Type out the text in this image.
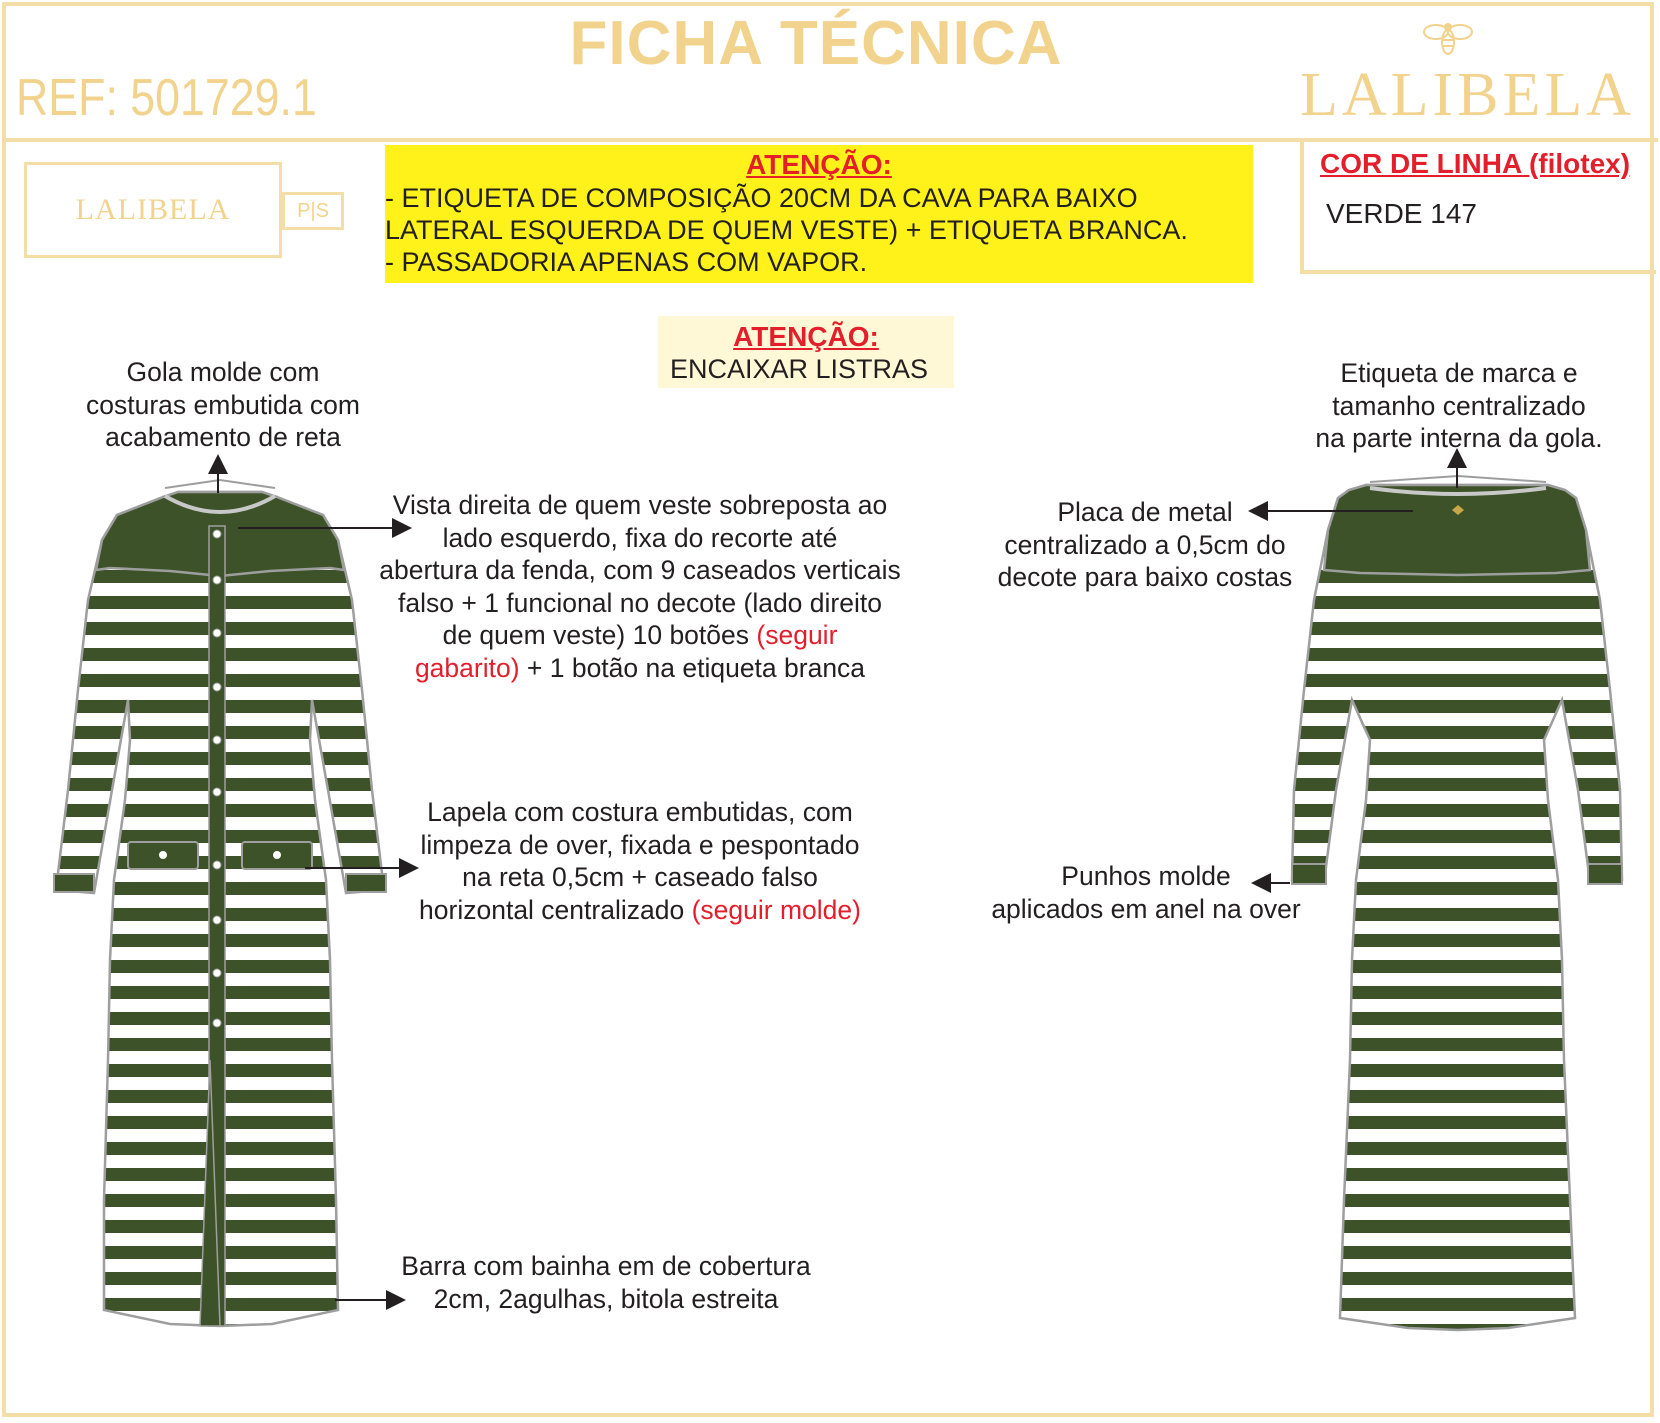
FICHA TÉCNICA
REF: 501729.1	LALIBELA
LALIBELA	P|S
ATENÇÃO:
- ETIQUETA DE COMPOSIÇÃO 20CM DA CAVA PARA BAIXO
LATERAL ESQUERDA DE QUEM VESTE) + ETIQUETA BRANCA.
- PASSADORIA APENAS COM VAPOR.
COR DE LINHA (filotex)
VERDE 147
ATENÇÃO:
ENCAIXAR LISTRAS
Gola molde com
costuras embutida com
acabamento de reta
Vista direita de quem veste sobreposta ao
lado esquerdo, fixa do recorte até
abertura da fenda, com 9 caseados verticais
falso + 1 funcional no decote (lado direito
de quem veste) 10 botões (seguir
gabarito) + 1 botão na etiqueta branca
Lapela com costura embutidas, com
limpeza de over, fixada e pespontado
na reta 0,5cm + caseado falso
horizontal centralizado (seguir molde)
Barra com bainha em de cobertura
2cm, 2agulhas, bitola estreita
Etiqueta de marca e
tamanho centralizado
na parte interna da gola.
Placa de metal
centralizado a 0,5cm do
decote para baixo costas
Punhos molde
aplicados em anel na over
